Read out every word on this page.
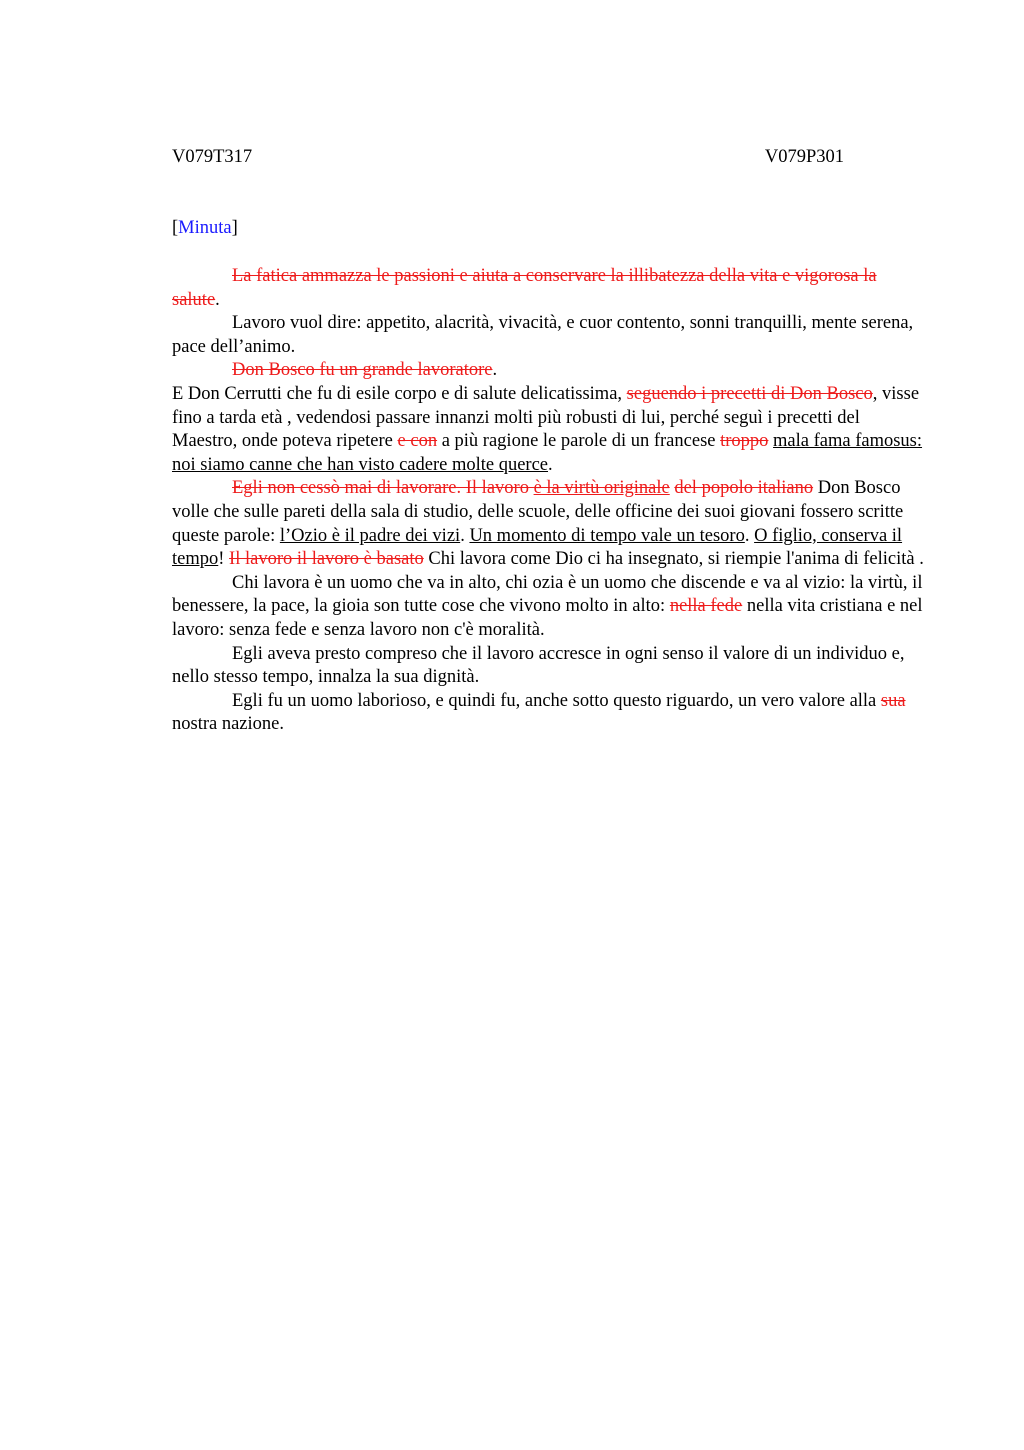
V079T317	V079P301
[Minuta]

La fatica ammazza le passioni e aiuta a conservare la illibatezza della vita e vigorosa la salute.

Lavoro vuol dire: appetito, alacrità, vivacità, e cuor contento, sonni tranquilli, mente serena, pace dell’animo.

Don Bosco fu un grande lavoratore.

E Don Cerrutti che fu di esile corpo e di salute delicatissima, seguendo i precetti di Don Bosco, visse fino a tarda età , vedendosi passare innanzi molti più robusti di lui, perché seguì i precetti del Maestro, onde poteva ripetere e con a più ragione le parole di un francese troppo mala fama famosus: noi siamo canne che han visto cadere molte querce.

Egli non cessò mai di lavorare. Il lavoro è la virtù originale del popolo italiano Don Bosco volle che sulle pareti della sala di studio, delle scuole, delle officine dei suoi giovani fossero scritte queste parole: l’Ozio è il padre dei vizi. Un momento di tempo vale un tesoro. O figlio, conserva il tempo! Il lavoro il lavoro è basato Chi lavora come Dio ci ha insegnato, si riempie l'anima di felicità .

Chi lavora è un uomo che va in alto, chi ozia è un uomo che discende e va al vizio: la virtù, il benessere, la pace, la gioia son tutte cose che vivono molto in alto: nella fede nella vita cristiana e nel lavoro: senza fede e senza lavoro non c'è moralità.

Egli aveva presto compreso che il lavoro accresce in ogni senso il valore di un individuo e, nello stesso tempo, innalza la sua dignità.

Egli fu un uomo laborioso, e quindi fu, anche sotto questo riguardo, un vero valore alla sua nostra nazione.
